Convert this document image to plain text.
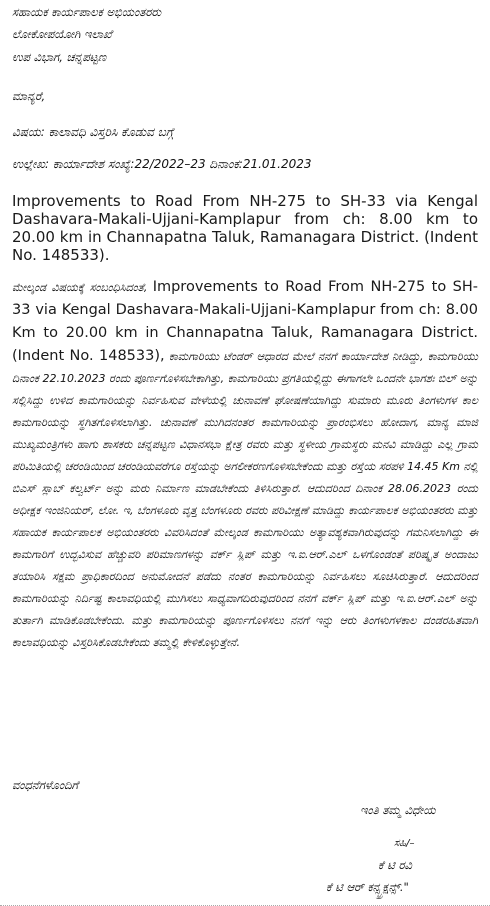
ಸಹಾಯಕ ಕಾರ್ಯಪಾಲಕ ಅಭಿಯಂತರರು
ಲೋಕೋಪಯೋಗಿ ಇಲಾಖೆ
ಉಪ ವಿಭಾಗ, ಚನ್ನಪಟ್ಟಣ
ಮಾನ್ಯರೆ,
ವಿಷಯ: ಕಾಲಾವಧಿ ವಿಸ್ತರಿಸಿ ಕೊಡುವ ಬಗ್ಗೆ
ಉಲ್ಲೇಖ: ಕಾರ್ಯಾದೇಶ ಸಂಖ್ಯೆ:22/2022–23 ದಿನಾಂಕ:21.01.2023
Improvements to Road From NH-275 to SH-33 via Kengal Dashavara-Makali-Ujjani-Kamplapur from ch: 8.00 km to 20.00 km in Channapatna Taluk, Ramanagara District. (Indent No. 148533).
ಮೇಲ್ಕಂಡ ವಿಷಯಕ್ಕೆ ಸಂಬಂಧಿಸಿದಂತೆ, Improvements to Road From NH-275 to SH-33 via Kengal Dashavara-Makali-Ujjani-Kamplapur from ch: 8.00 Km to 20.00 km in Channapatna Taluk, Ramanagara District. (Indent No. 148533), ಕಾಮಗಾರಿಯು ಟೆಂಡರ್ ಆಧಾರದ ಮೇಲೆ ನನಗೆ ಕಾರ್ಯಾದೇಶ ನೀಡಿದ್ದು, ಕಾಮಗಾರಿಯು ದಿನಾಂಕ 22.10.2023 ರಂದು ಪೂರ್ಣಗೊಳಿಸಬೇಕಾಗಿತ್ತು, ಕಾಮಗಾರಿಯು ಪ್ರಗತಿಯಲ್ಲಿದ್ದು ಈಗಾಗಲೇ ಒಂದನೇ ಭಾಗಶಃ ಬಿಲ್ ಅನ್ನು ಸಲ್ಲಿಸಿದ್ದು ಉಳಿದ ಕಾಮಗಾರಿಯನ್ನು ನಿರ್ವಹಿಸುವ ವೇಳೆಯಲ್ಲಿ ಚುನಾವಣೆ ಘೋಷಣೆಯಾಗಿದ್ದು ಸುಮಾರು ಮೂರು ತಿಂಗಳುಗಳ ಕಾಲ ಕಾಮಗಾರಿಯನ್ನು ಸ್ಥಗಿತಗೊಳಿಸಲಾಗಿತ್ತು. ಚುನಾವಣೆ ಮುಗಿದನಂತರ ಕಾಮಗಾರಿಯನ್ನು ಪ್ರಾರಂಭಿಸಲು ಹೋದಾಗ, ಮಾನ್ಯ ಮಾಜಿ ಮುಖ್ಯಮಂತ್ರಿಗಳು ಹಾಗು ಶಾಸಕರು ಚನ್ನಪಟ್ಟಣ ವಿಧಾನಸಭಾ ಕ್ಷೇತ್ರ ರವರು ಮತ್ತು ಸ್ಥಳೀಯ ಗ್ರಾಮಸ್ಥರು ಮನವಿ ಮಾಡಿದ್ದು ಎಲ್ಲ ಗ್ರಾಮ ಪರಿಮಿತಿಯಲ್ಲಿ ಚರಂಡಿಯಿಂದ ಚರಂಡಿಯವರೆಗೂ ರಸ್ತೆಯನ್ನು ಅಗಲೀಕರಣಗೊಳಿಸಬೇಕೆಂದು ಮತ್ತು ರಸ್ತೆಯ ಸರಪಳಿ 14.45 Km ನಲ್ಲಿ ಬಿಎಸ್ ಸ್ಲಾಬ್ ಕಲ್ವರ್ಟ್ ಅನ್ನು ಮರು ನಿರ್ಮಾಣ ಮಾಡಬೇಕೆಂದು ತಿಳಿಸಿರುತ್ತಾರೆ. ಆದುದರಿಂದ ದಿನಾಂಕ 28.06.2023 ರಂದು ಅಧೀಕ್ಷಕ ಇಂಜಿನಿಯರ್, ಲೋ. ಇ, ಬೆಂಗಳೂರು ವೃತ್ತ ಬೆಂಗಳೂರು ರವರು ಪರಿವೀಕ್ಷಣೆ ಮಾಡಿದ್ದು ಕಾರ್ಯಪಾಲಕ ಅಭಿಯಂತರರು ಮತ್ತು ಸಹಾಯಕ ಕಾರ್ಯಪಾಲಕ ಅಭಿಯಂತರರು ವಿವರಿಸಿದಂತೆ ಮೇಲ್ಕಂಡ ಕಾಮಗಾರಿಯು ಅತ್ಯಾವಶ್ಯಕವಾಗಿರುವುದನ್ನು ಗಮನಿಸಲಾಗಿದ್ದು ಈ ಕಾಮಗಾರಿಗೆ ಉದ್ಭವಿಸುವ ಹೆಚ್ಚುವರಿ ಪರಿಮಾಣಗಳನ್ನು ವರ್ಕ್ ಸ್ಲಿಪ್ ಮತ್ತು ಇ.ಐ.ಆರ್.ಎಲ್ ಒಳಗೊಂಡಂತೆ ಪರಿಷ್ಕೃತ ಅಂದಾಜು ತಯಾರಿಸಿ ಸಕ್ಷಮ ಪ್ರಾಧಿಕಾರದಿಂದ ಅನುಮೋದನೆ ಪಡೆದು ನಂತರ ಕಾಮಗಾರಿಯನ್ನು ನಿರ್ವಹಿಸಲು ಸೂಚಿಸಿರುತ್ತಾರೆ. ಆದುದರಿಂದ ಕಾಮಗಾರಿಯನ್ನು ನಿರ್ದಿಷ್ಟ ಕಾಲಾವಧಿಯಲ್ಲಿ ಮುಗಿಸಲು ಸಾಧ್ಯವಾಗದಿರುವುದರಿಂದ ನನಗೆ ವರ್ಕ್ ಸ್ಲಿಪ್ ಮತ್ತು ಇ.ಐ.ಆರ್.ಎಲ್ ಅನ್ನು ತುರ್ತಾಗಿ ಮಾಡಿಕೊಡಬೇಕೆಂದು. ಮತ್ತು ಕಾಮಗಾರಿಯನ್ನು ಪೂರ್ಣಗೊಳಿಸಲು ನನಗೆ ಇನ್ನು ಆರು ತಿಂಗಳುಗಳಕಾಲ ದಂಡರಹಿತವಾಗಿ ಕಾಲಾವಧಿಯನ್ನು ವಿಸ್ತರಿಸಿಕೊಡಬೇಕೆಂದು ತಮ್ಮಲ್ಲಿ ಕೇಳಿಕೊಳ್ಳುತ್ತೇನೆ.
ವಂಧನೆಗಳೊಂದಿಗೆ
ಇಂತಿ ತಮ್ಮ ವಿಧೇಯ
ಸಹಿ/–
ಕೆ ಟಿ ರವಿ
ಕೆ ಟಿ ಆರ್ ಕನ್ಸ್ಟ್ರಕ್ಷನ್ಸ್."
